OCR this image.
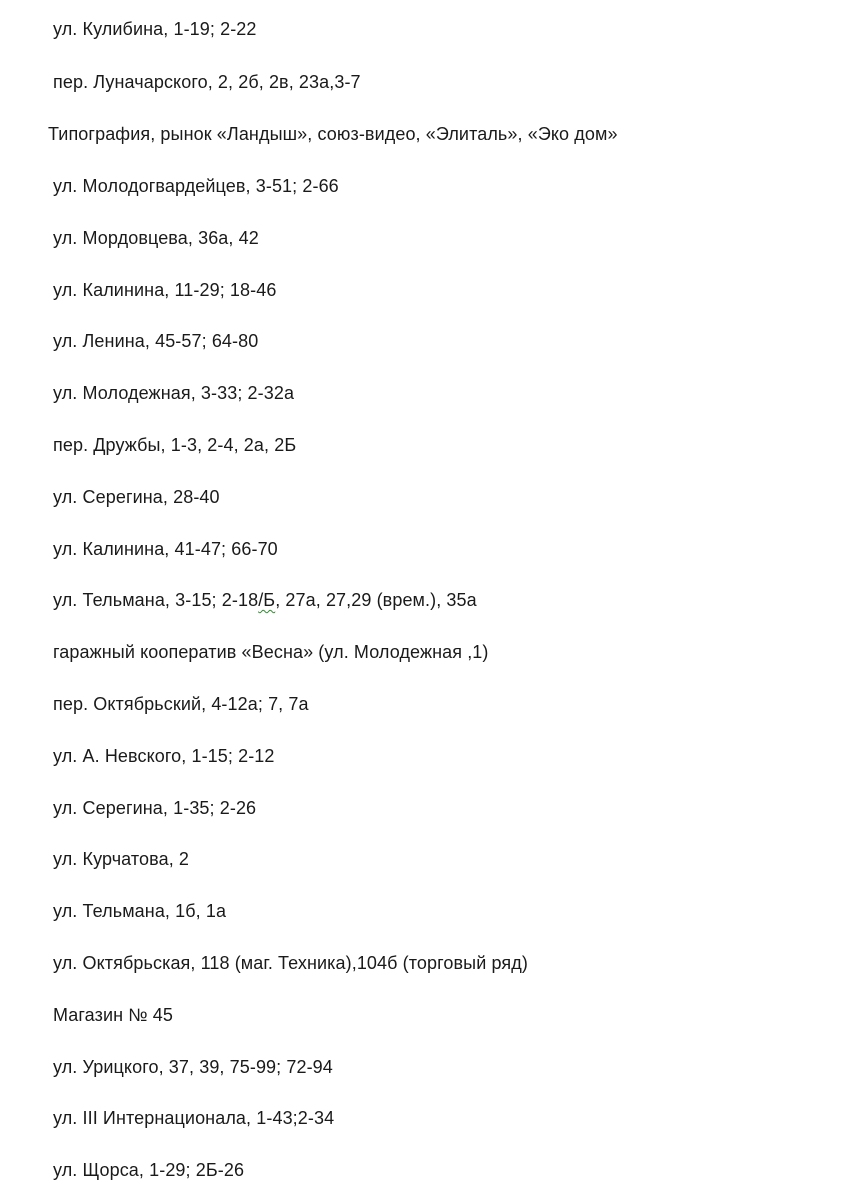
ул. Кулибина, 1-19; 2-22
пер. Луначарского, 2, 2б, 2в, 23а,3-7
Типография, рынок «Ландыш», союз-видео, «Элиталь», «Эко дом»
ул. Молодогвардейцев, 3-51; 2-66
ул. Мордовцева, 36а, 42
ул. Калинина, 11-29; 18-46
ул. Ленина, 45-57; 64-80
ул. Молодежная, 3-33; 2-32а
пер. Дружбы, 1-3, 2-4, 2а, 2Б
ул. Серегина, 28-40
ул. Калинина, 41-47; 66-70
ул. Тельмана, 3-15; 2-18/Б, 27а, 27,29 (врем.), 35а
гаражный кооператив «Весна» (ул. Молодежная ,1)
пер. Октябрьский, 4-12а; 7, 7а
ул. А. Невского, 1-15; 2-12
ул. Серегина, 1-35; 2-26
ул. Курчатова, 2
ул. Тельмана, 1б, 1а
ул. Октябрьская, 118 (маг. Техника),104б (торговый ряд)
Магазин № 45
ул. Урицкого, 37, 39, 75-99; 72-94
ул. III Интернационала, 1-43;2-34
ул. Щорса, 1-29; 2Б-26
